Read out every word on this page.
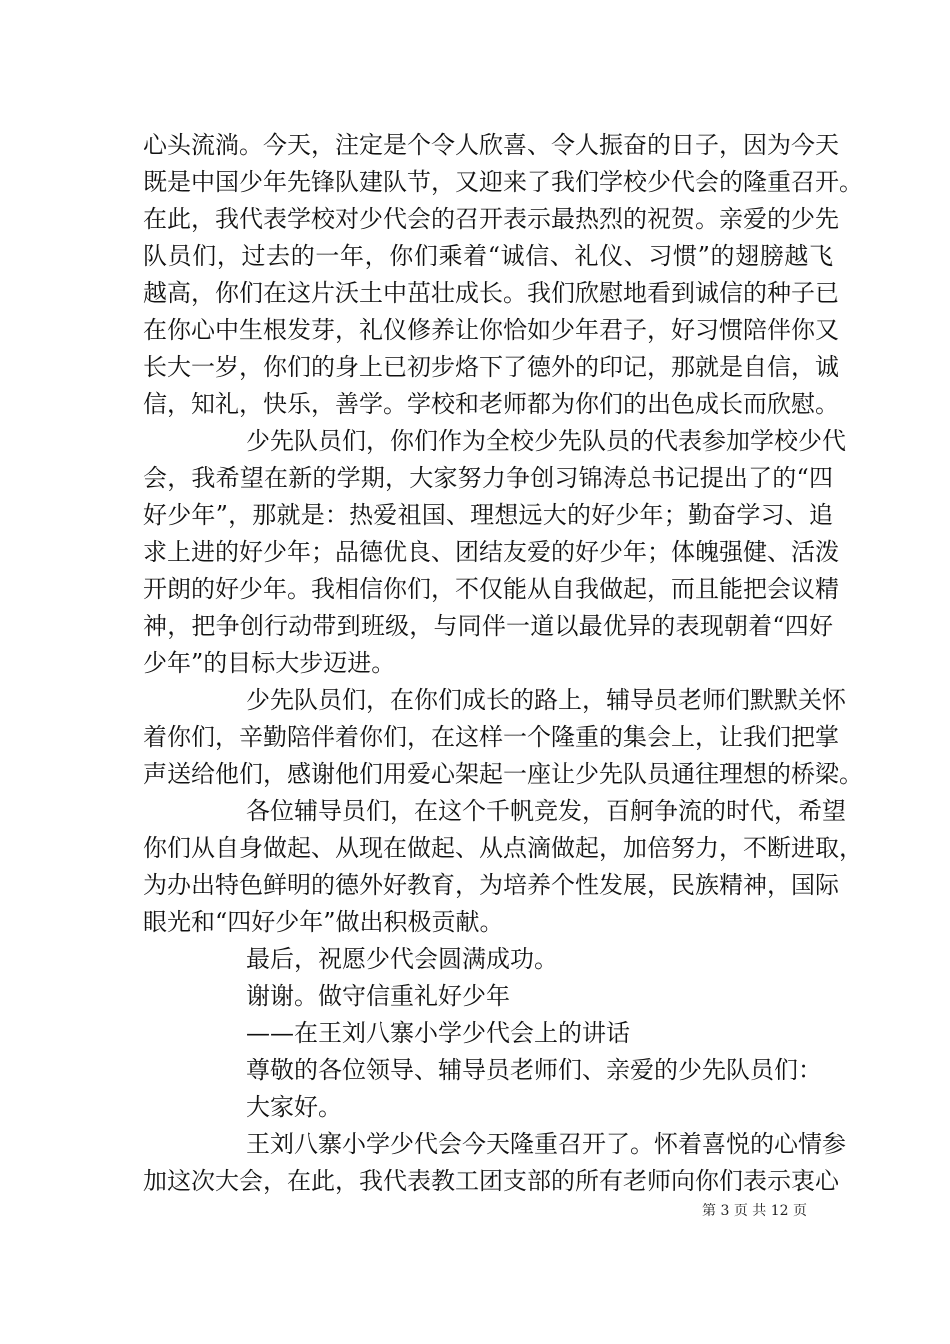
心头流淌。今天，注定是个令人欣喜、令人振奋的日子，因为今天
既是中国少年先锋队建队节，又迎来了我们学校少代会的隆重召开。
在此，我代表学校对少代会的召开表示最热烈的祝贺。亲爱的少先
队员们，过去的一年，你们乘着“诚信、礼仪、习惯”的翅膀越飞
越高，你们在这片沃土中茁壮成长。我们欣慰地看到诚信的种子已
在你心中生根发芽，礼仪修养让你恰如少年君子，好习惯陪伴你又
长大一岁，你们的身上已初步烙下了德外的印记，那就是自信，诚
信，知礼，快乐，善学。学校和老师都为你们的出色成长而欣慰。
少先队员们，你们作为全校少先队员的代表参加学校少代
会，我希望在新的学期，大家努力争创习锦涛总书记提出了的“四
好少年”，那就是：热爱祖国、理想远大的好少年；勤奋学习、追
求上进的好少年；品德优良、团结友爱的好少年；体魄强健、活泼
开朗的好少年。我相信你们，不仅能从自我做起，而且能把会议精
神，把争创行动带到班级，与同伴一道以最优异的表现朝着“四好
少年”的目标大步迈进。
少先队员们，在你们成长的路上，辅导员老师们默默关怀
着你们，辛勤陪伴着你们，在这样一个隆重的集会上，让我们把掌
声送给他们，感谢他们用爱心架起一座让少先队员通往理想的桥梁。
各位辅导员们，在这个千帆竞发，百舸争流的时代，希望
你们从自身做起、从现在做起、从点滴做起，加倍努力，不断进取，
为办出特色鲜明的德外好教育，为培养个性发展，民族精神，国际
眼光和“四好少年”做出积极贡献。
最后，祝愿少代会圆满成功。
谢谢。做守信重礼好少年
——在王刘八寨小学少代会上的讲话
尊敬的各位领导、辅导员老师们、亲爱的少先队员们：
大家好。
王刘八寨小学少代会今天隆重召开了。怀着喜悦的心情参
加这次大会，在此，我代表教工团支部的所有老师向你们表示衷心
第 3 页 共 12 页
